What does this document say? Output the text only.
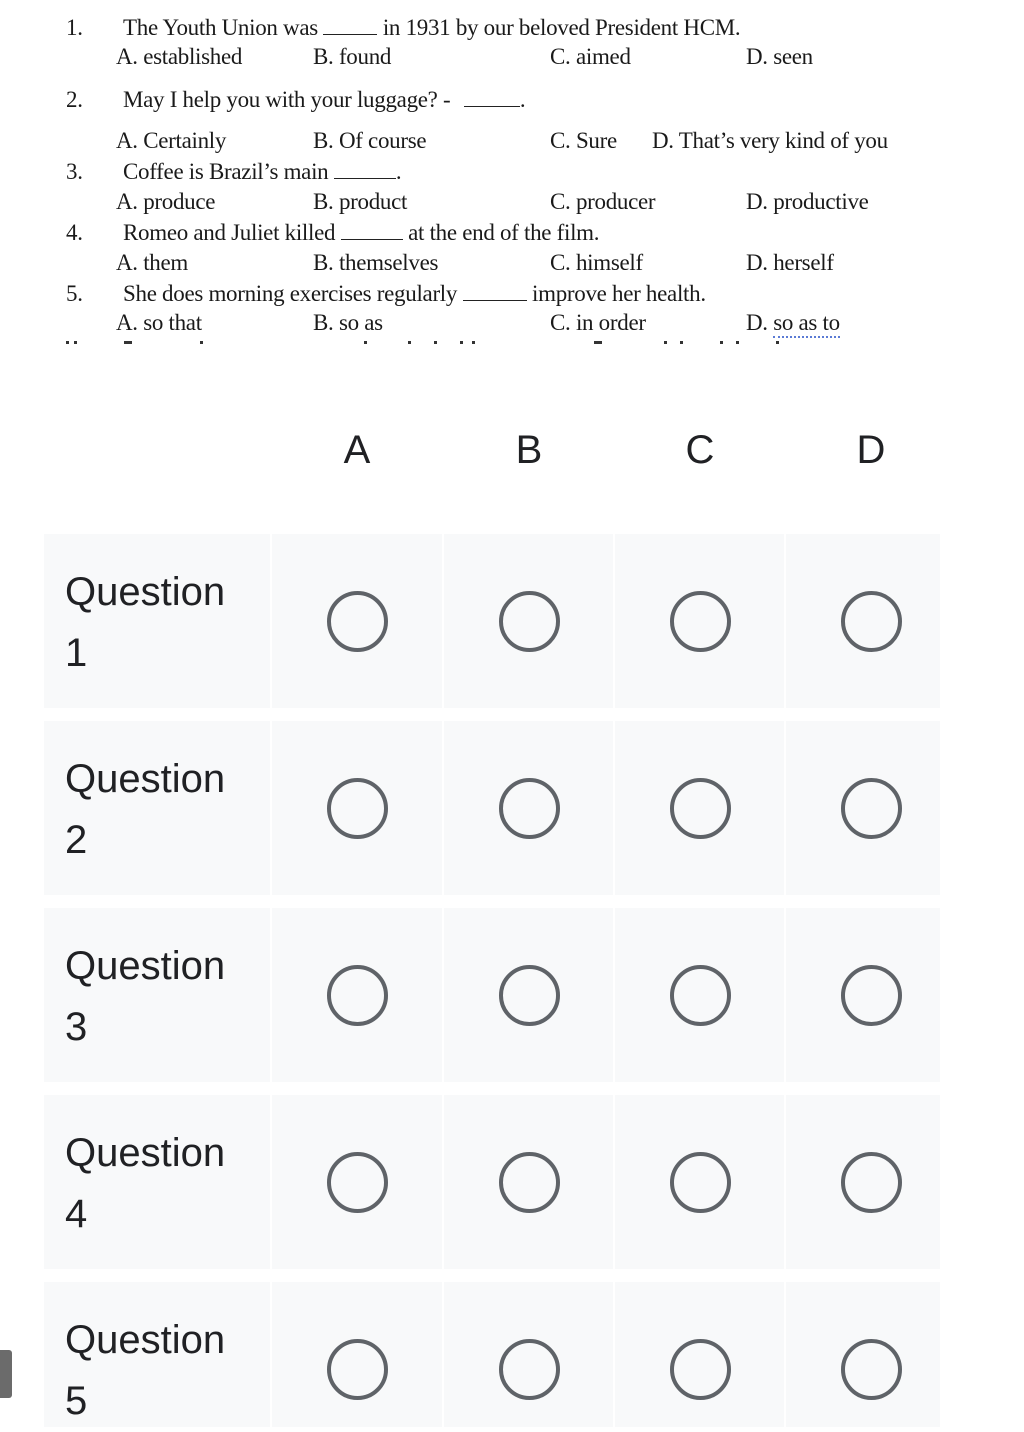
1. The Youth Union was	in 1931 by our beloved President HCM.
A. established	B. found	C. aimed	D. seen
2. May I help you with your luggage? -	.
A. Certainly	B. Of course	C. Sure D. That’s very kind of you
3. Coffee is Brazil’s main	.
A. produce	B. product	C. producer	D. productive
4. Romeo and Juliet killed	at the end of the film.
A. them	B. themselves	C. himself	D. herself
5. She does morning exercises regularly	improve her health.
A. so that	B. so as	C. in order	D. so as to
A	B	C	D
Question
1
Question
2
Question
3
Question
4
Question
5
